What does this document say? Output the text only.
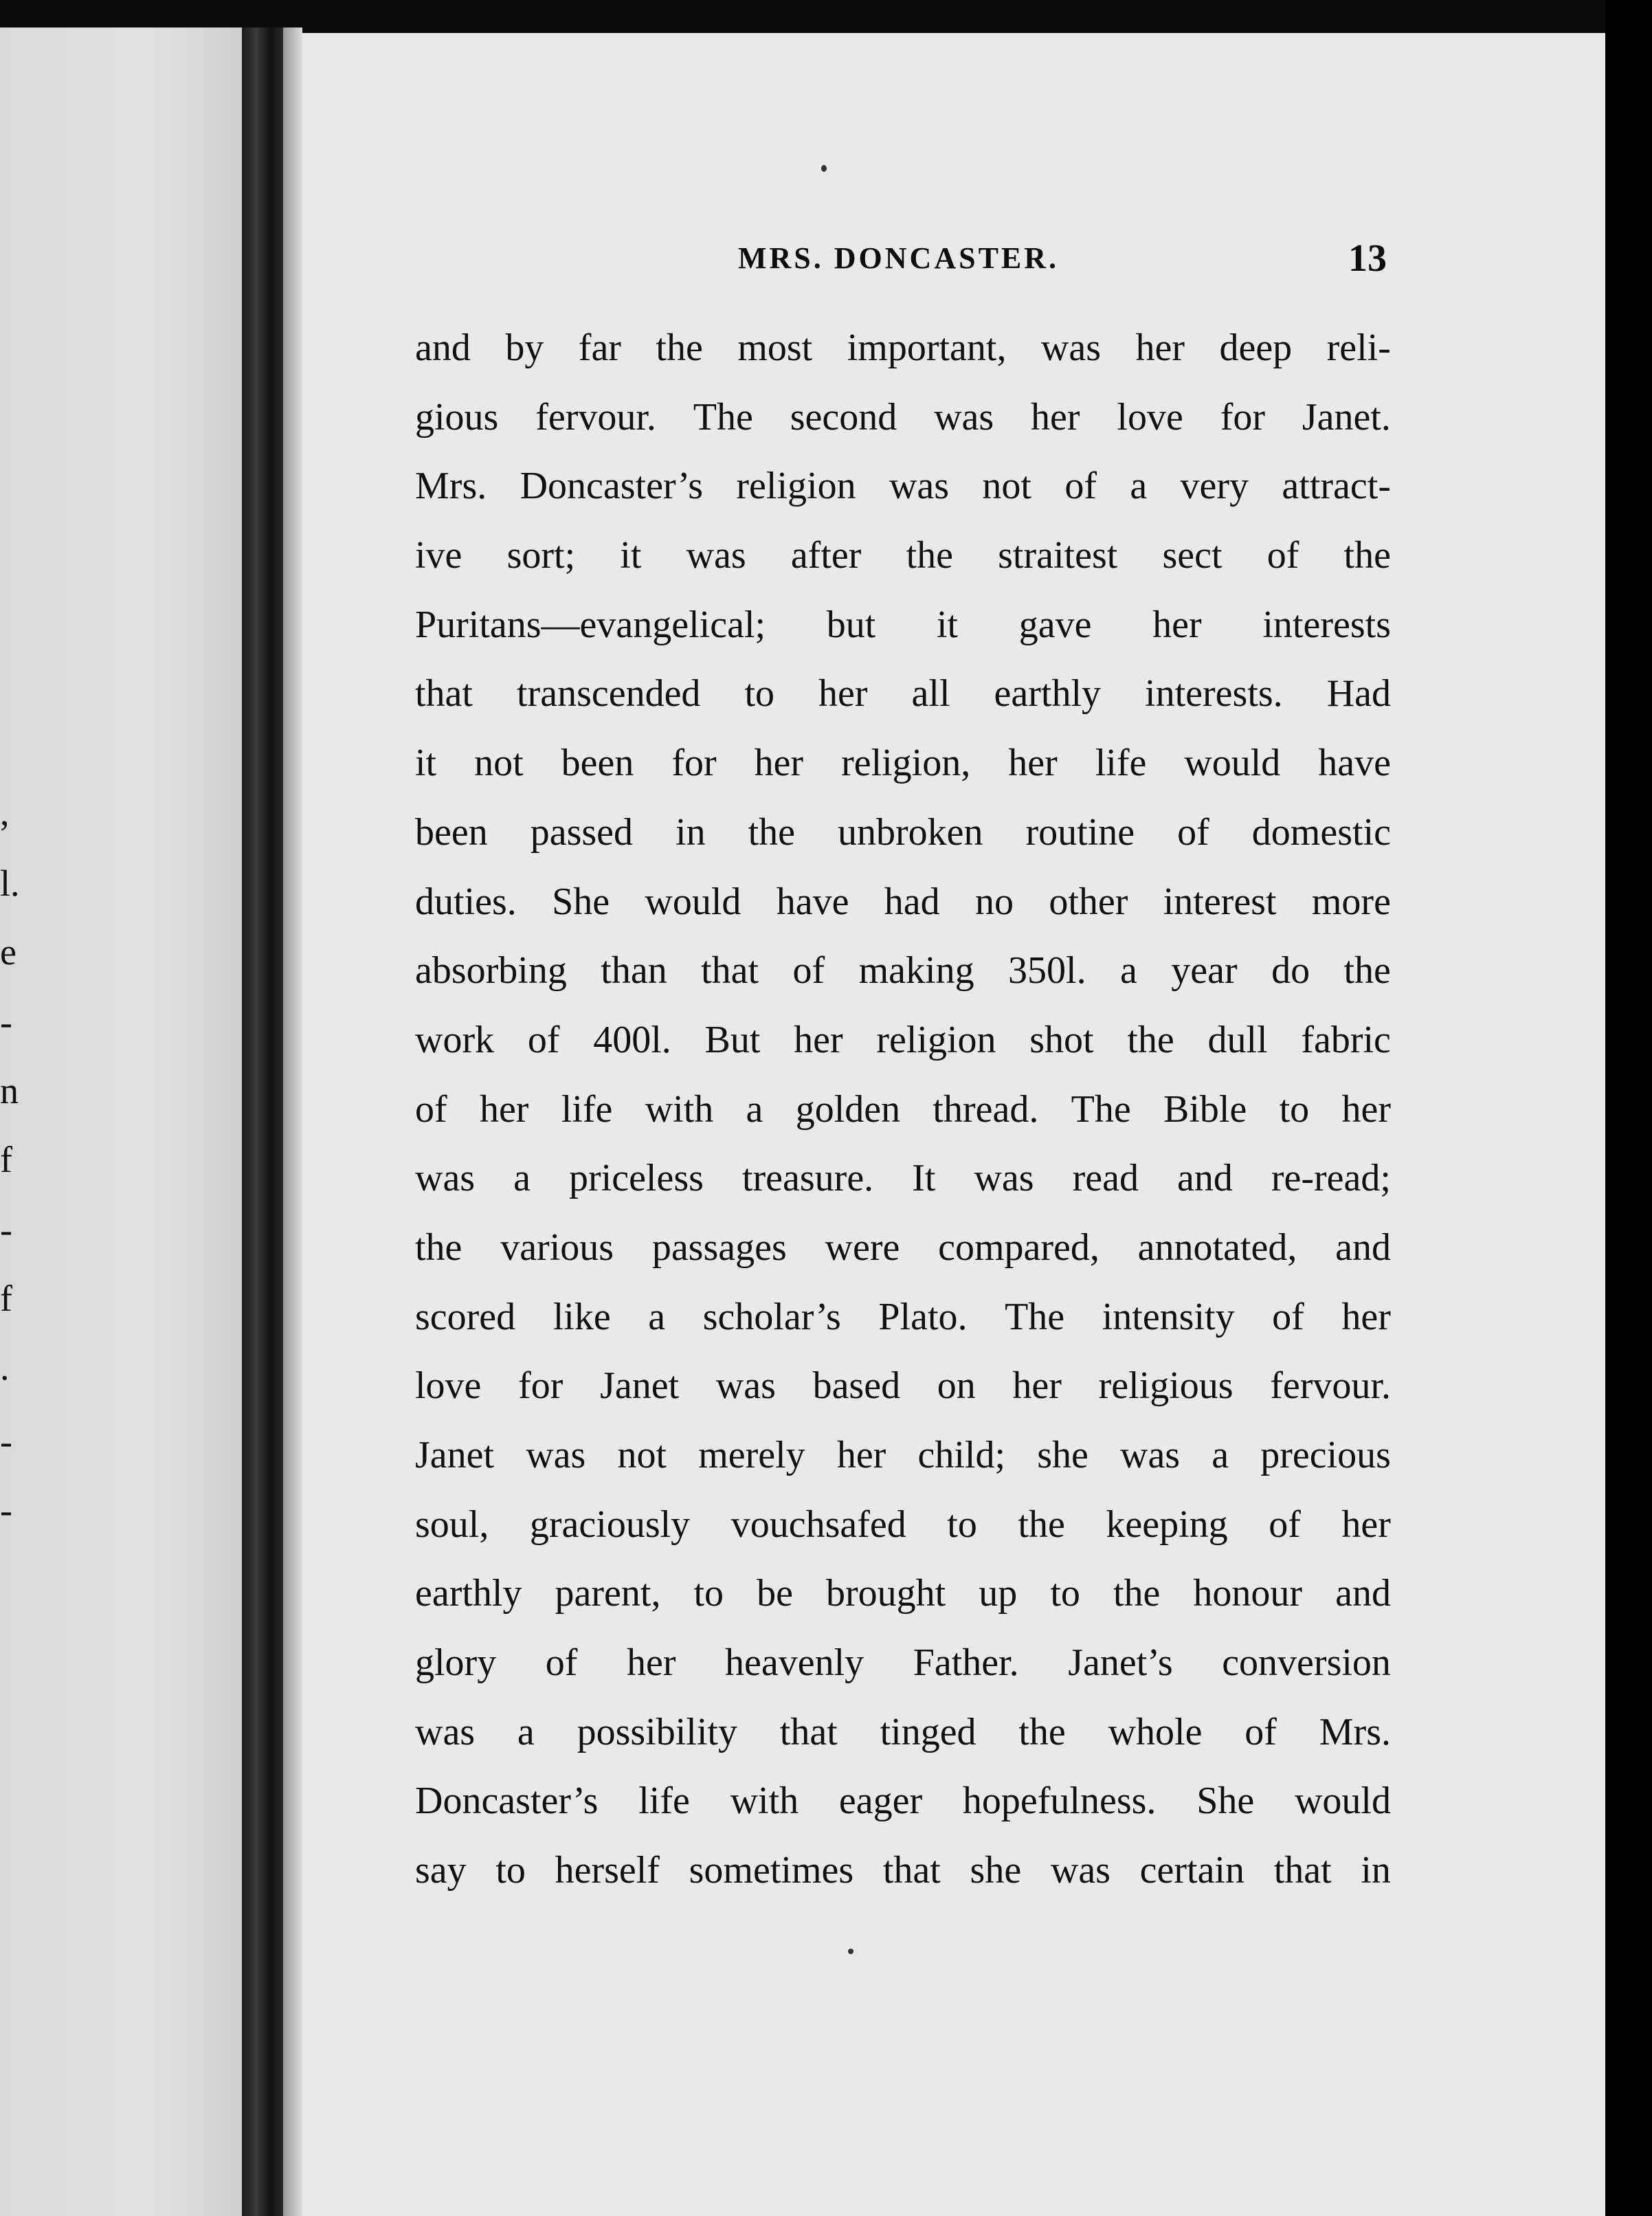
,
l.
e
-
n
f
-
f
.
-
-
MRS. DONCASTER.	13
and by far the most important, was her deep reli-
gious fervour. The second was her love for Janet.
Mrs. Doncaster’s religion was not of a very attract-
ive sort; it was after the straitest sect of the
Puritans—evangelical; but it gave her interests
that transcended to her all earthly interests. Had
it not been for her religion, her life would have
been passed in the unbroken routine of domestic
duties. She would have had no other interest more
absorbing than that of making 350l. a year do the
work of 400l. But her religion shot the dull fabric
of her life with a golden thread. The Bible to her
was a priceless treasure. It was read and re-read;
the various passages were compared, annotated, and
scored like a scholar’s Plato. The intensity of her
love for Janet was based on her religious fervour.
Janet was not merely her child; she was a precious
soul, graciously vouchsafed to the keeping of her
earthly parent, to be brought up to the honour and
glory of her heavenly Father. Janet’s conversion
was a possibility that tinged the whole of Mrs.
Doncaster’s life with eager hopefulness. She would
say to herself sometimes that she was certain that in
